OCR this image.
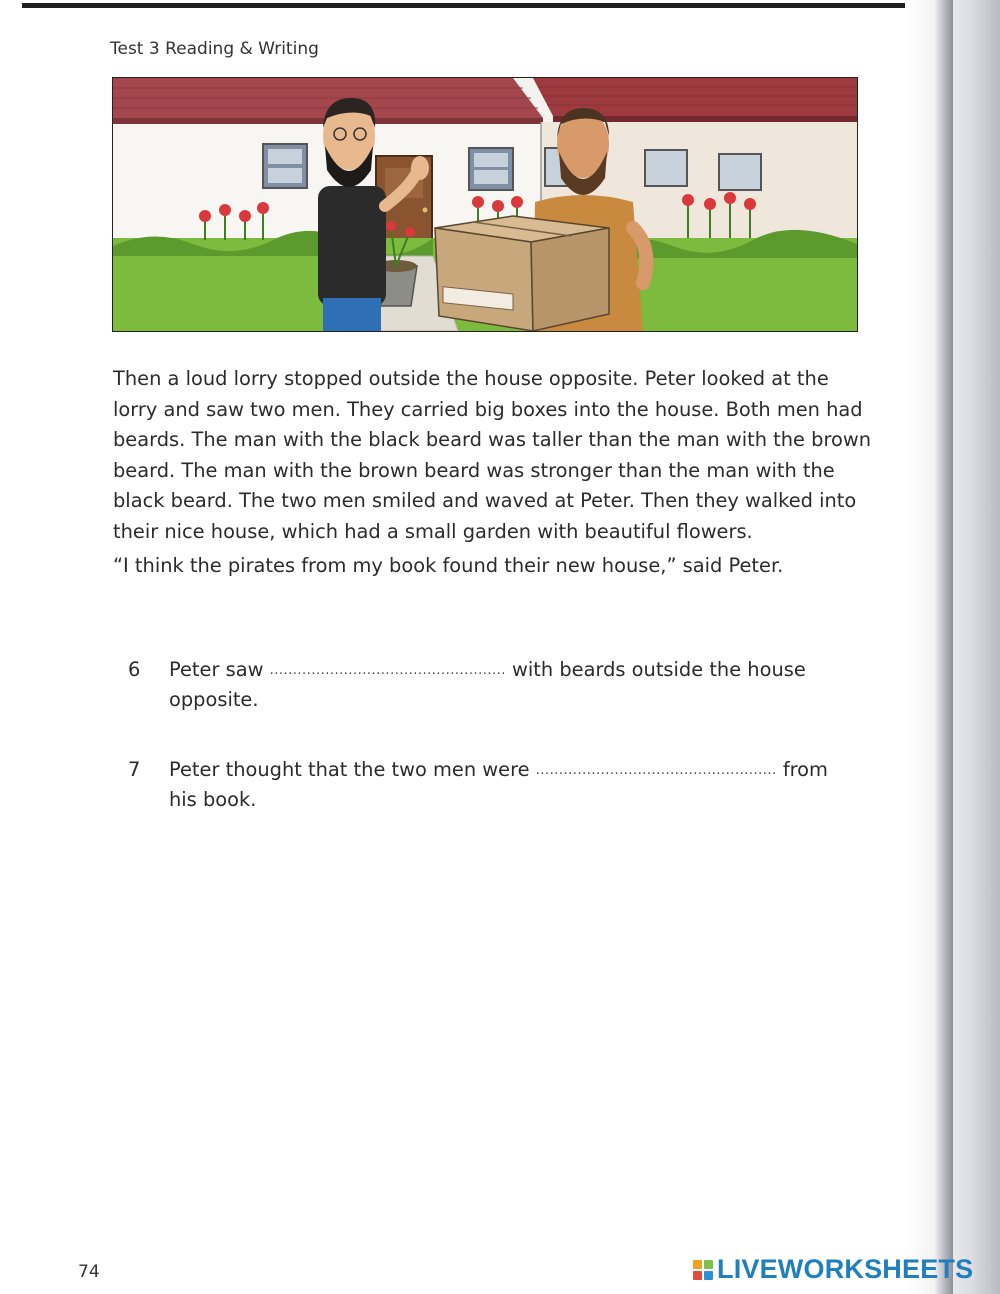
Test 3 Reading & Writing

Then a loud lorry stopped outside the house opposite. Peter looked at the lorry and saw two men. They carried big boxes into the house. Both men had beards. The man with the black beard was taller than the man with the brown beard. The man with the brown beard was stronger than the man with the black beard. The two men smiled and waved at Peter. Then they walked into their nice house, which had a small garden with beautiful flowers.

“I think the pirates from my book found their new house,” said Peter.

6	Peter saw ................................................... with beards outside the house opposite.
7	Peter thought that the two men were .................................................... from his book.
74	LIVEWORKSHEETS
